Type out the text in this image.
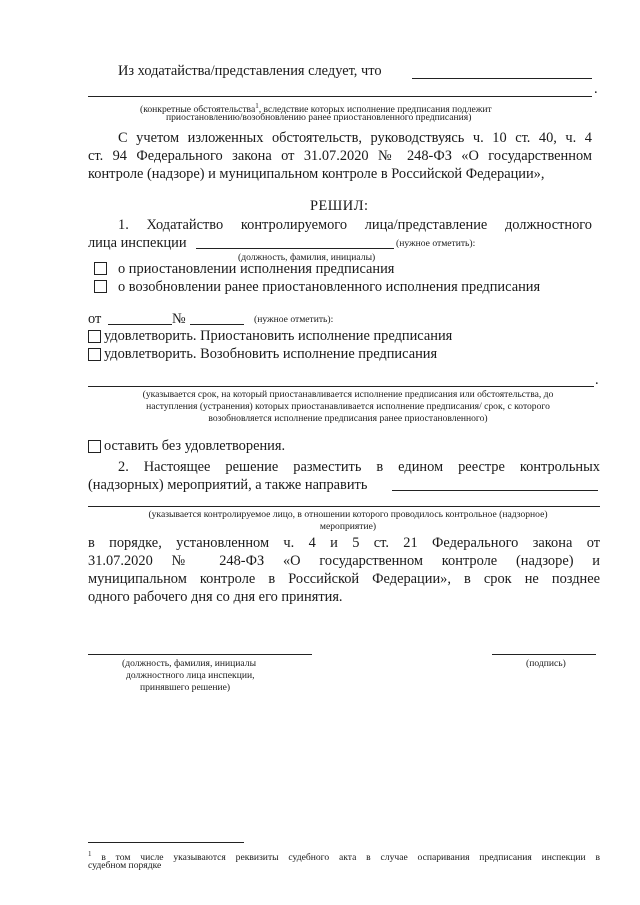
Из ходатайства/представления следует, что
.
(конкретные обстоятельства$^1$, вследствие которых исполнение предписания подлежит
приостановлению/возобновлению ранее приостановленного предписания)
С учетом изложенных обстоятельств, руководствуясь ч. 10 ст. 40, ч. 4
ст. 94 Федерального закона от 31.07.2020 № 248-ФЗ «О государственном
контроле (надзоре) и муниципальном контроле в Российской Федерации»,
РЕШИЛ:
1. Ходатайство контролируемого лица/представление должностного
лица инспекции	(нужное отметить):
(должность, фамилия, инициалы)
о приостановлении исполнения предписания
о возобновлении ранее приостановленного исполнения предписания
от	№	(нужное отметить):
удовлетворить. Приостановить исполнение предписания
удовлетворить. Возобновить исполнение предписания
.
(указывается срок, на который приостанавливается исполнение предписания или обстоятельства, до
наступления (устранения) которых приостанавливается исполнение предписания/ срок, с которого
возобновляется исполнение предписания ранее приостановленного)
оставить без удовлетворения.
2. Настоящее решение разместить в едином реестре контрольных
(надзорных) мероприятий, а также направить
(указывается контролируемое лицо, в отношении которого проводилось контрольное (надзорное)
мероприятие)
в порядке, установленном ч. 4 и 5 ст. 21 Федерального закона от
31.07.2020 № 248-ФЗ «О государственном контроле (надзоре) и
муниципальном контроле в Российской Федерации», в срок не позднее
одного рабочего дня со дня его принятия.
(должность, фамилия, инициалы
должностного лица инспекции,
принявшего решение)
(подпись)
$^1$ в том числе указываются реквизиты судебного акта в случае оспаривания предписания инспекции в
судебном порядке
